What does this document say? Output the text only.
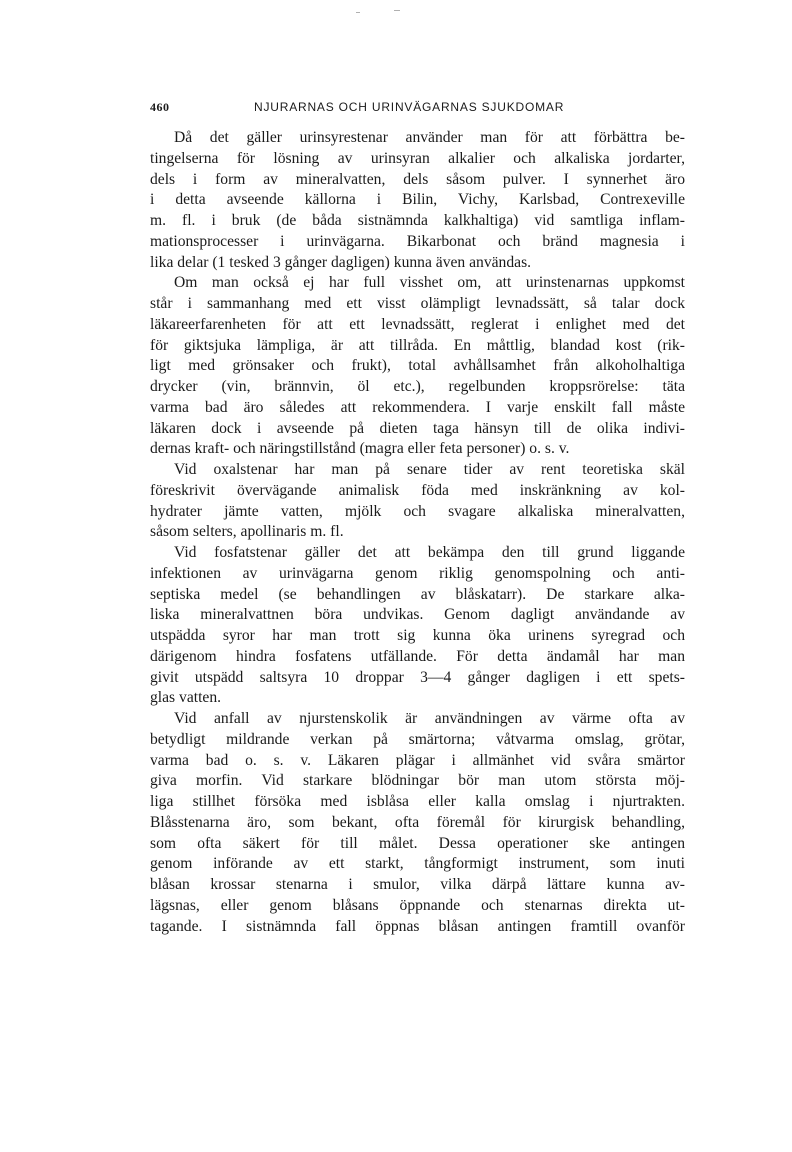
460	NJURARNAS OCH URINVÄGARNAS SJUKDOMAR
Då det gäller urinsyrestenar använder man för att förbättra be-
tingelserna för lösning av urinsyran alkalier och alkaliska jordarter,
dels i form av mineralvatten, dels såsom pulver. I synnerhet äro
i detta avseende källorna i Bilin, Vichy, Karlsbad, Contrexeville
m. fl. i bruk (de båda sistnämnda kalkhaltiga) vid samtliga inflam-
mationsprocesser i urinvägarna. Bikarbonat och bränd magnesia i
lika delar (1 tesked 3 gånger dagligen) kunna även användas.
Om man också ej har full visshet om, att urinstenarnas uppkomst
står i sammanhang med ett visst olämpligt levnadssätt, så talar dock
läkareerfarenheten för att ett levnadssätt, reglerat i enlighet med det
för giktsjuka lämpliga, är att tillråda. En måttlig, blandad kost (rik-
ligt med grönsaker och frukt), total avhållsamhet från alkoholhaltiga
drycker (vin, brännvin, öl etc.), regelbunden kroppsrörelse: täta
varma bad äro således att rekommendera. I varje enskilt fall måste
läkaren dock i avseende på dieten taga hänsyn till de olika indivi-
dernas kraft- och näringstillstånd (magra eller feta personer) o. s. v.
Vid oxalstenar har man på senare tider av rent teoretiska skäl
föreskrivit övervägande animalisk föda med inskränkning av kol-
hydrater jämte vatten, mjölk och svagare alkaliska mineralvatten,
såsom selters, apollinaris m. fl.
Vid fosfatstenar gäller det att bekämpa den till grund liggande
infektionen av urinvägarna genom riklig genomspolning och anti-
septiska medel (se behandlingen av blåskatarr). De starkare alka-
liska mineralvattnen böra undvikas. Genom dagligt användande av
utspädda syror har man trott sig kunna öka urinens syregrad och
därigenom hindra fosfatens utfällande. För detta ändamål har man
givit utspädd saltsyra 10 droppar 3—4 gånger dagligen i ett spets-
glas vatten.
Vid anfall av njurstenskolik är användningen av värme ofta av
betydligt mildrande verkan på smärtorna; våtvarma omslag, grötar,
varma bad o. s. v. Läkaren plägar i allmänhet vid svåra smärtor
giva morfin. Vid starkare blödningar bör man utom största möj-
liga stillhet försöka med isblåsa eller kalla omslag i njurtrakten.
Blåsstenarna äro, som bekant, ofta föremål för kirurgisk behandling,
som ofta säkert för till målet. Dessa operationer ske antingen
genom införande av ett starkt, tångformigt instrument, som inuti
blåsan krossar stenarna i smulor, vilka därpå lättare kunna av-
lägsnas, eller genom blåsans öppnande och stenarnas direkta ut-
tagande. I sistnämnda fall öppnas blåsan antingen framtill ovanför
